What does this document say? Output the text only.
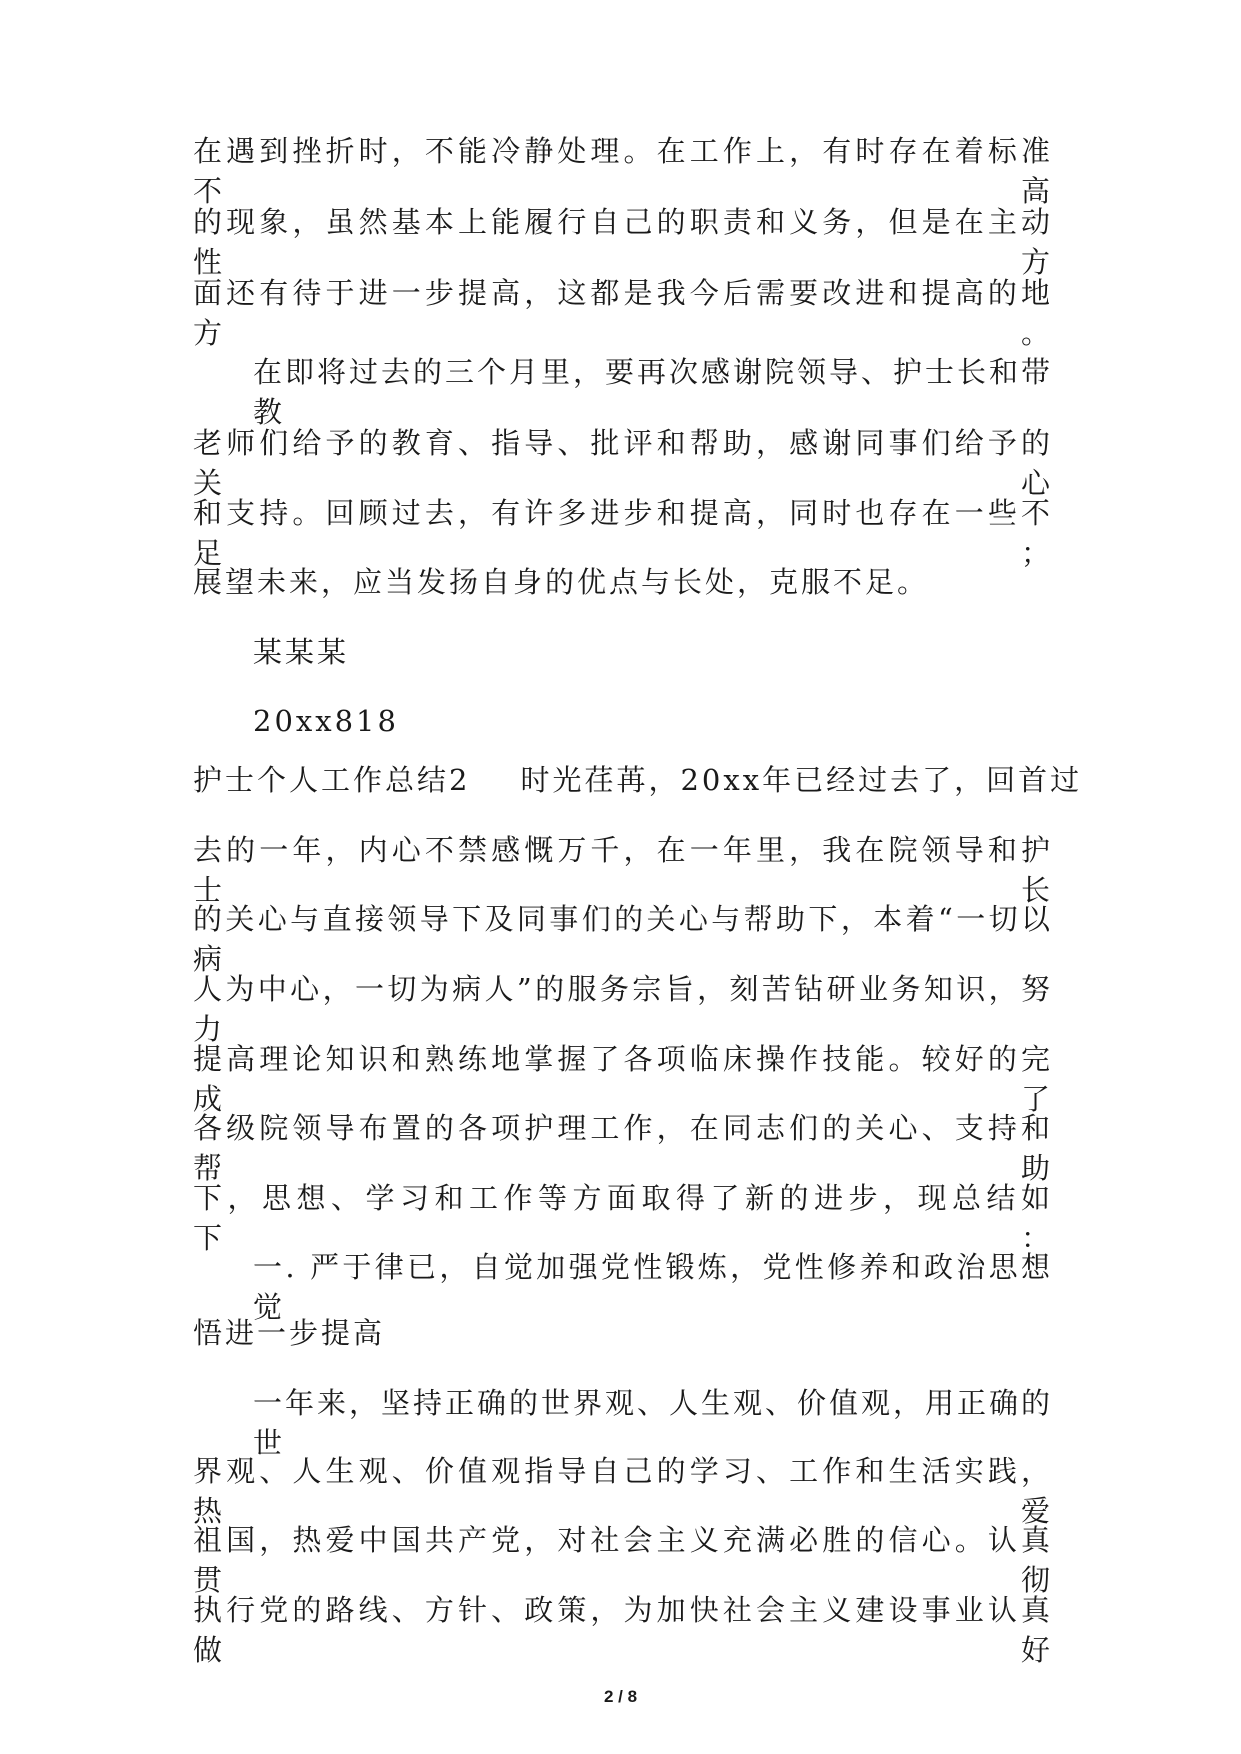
在遇到挫折时，不能冷静处理。在工作上，有时存在着标准不高
的现象，虽然基本上能履行自己的职责和义务，但是在主动性方
面还有待于进一步提高，这都是我今后需要改进和提高的地方。
在即将过去的三个月里，要再次感谢院领导、护士长和带教
老师们给予的教育、指导、批评和帮助，感谢同事们给予的关心
和支持。回顾过去，有许多进步和提高，同时也存在一些不足；
展望未来，应当发扬自身的优点与长处，克服不足。
某某某
20xx818
护士个人工作总结2 时光荏苒，20xx年已经过去了，回首过
去的一年，内心不禁感慨万千，在一年里，我在院领导和护士长
的关心与直接领导下及同事们的关心与帮助下，本着“一切以病
人为中心，一切为病人”的服务宗旨，刻苦钻研业务知识，努力
提高理论知识和熟练地掌握了各项临床操作技能。较好的完成了
各级院领导布置的各项护理工作，在同志们的关心、支持和帮助
下，思想、学习和工作等方面取得了新的进步，现总结如下：
一. 严于律已，自觉加强党性锻炼，党性修养和政治思想觉
悟进一步提高
一年来，坚持正确的世界观、人生观、价值观，用正确的世
界观、人生观、价值观指导自己的学习、工作和生活实践，热爱
祖国，热爱中国共产党，对社会主义充满必胜的信心。认真贯彻
执行党的路线、方针、政策，为加快社会主义建设事业认真做好
2 / 8
